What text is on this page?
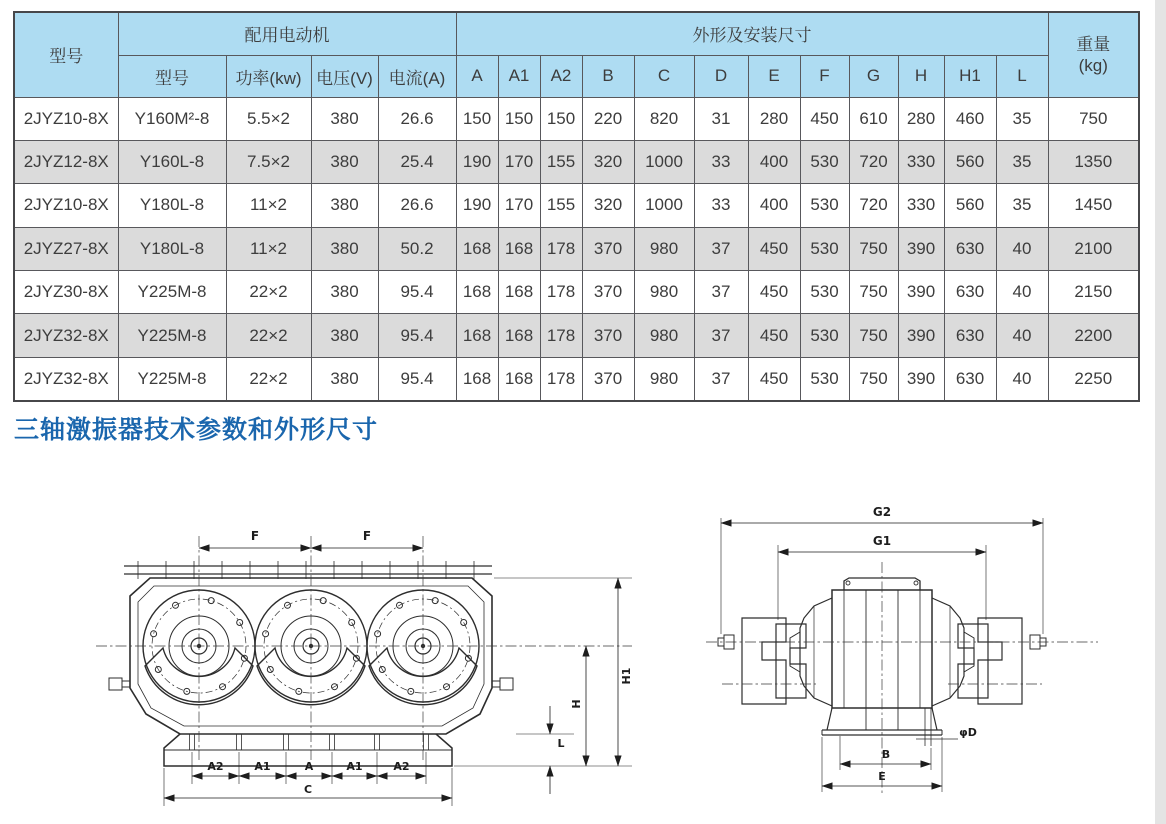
型号	配用电动机				外形及安装尺寸												重量
(kg)

	型号	功率(kw)	电压(V)	电流(A)	A	A1	A2	B	C	D	E	F	G	H	H1	L	
2JYZ10-8X	Y160M²-8	5.5×2	380	26.6	150	150	150	220	820	31	280	450	610	280	460	35	750
2JYZ12-8X	Y160L-8	7.5×2	380	25.4	190	170	155	320	1000	33	400	530	720	330	560	35	1350
2JYZ10-8X	Y180L-8	11×2	380	26.6	190	170	155	320	1000	33	400	530	720	330	560	35	1450
2JYZ27-8X	Y180L-8	11×2	380	50.2	168	168	178	370	980	37	450	530	750	390	630	40	2100
2JYZ30-8X	Y225M-8	22×2	380	95.4	168	168	178	370	980	37	450	530	750	390	630	40	2150
2JYZ32-8X	Y225M-8	22×2	380	95.4	168	168	178	370	980	37	450	530	750	390	630	40	2200
2JYZ32-8X	Y225M-8	22×2	380	95.4	168	168	178	370	980	37	450	530	750	390	630	40	2250
三轴激振器技术参数和外形尺寸
F	F
A2	A1	A	A1	A2
C
L
H
H1
G2
G1
B
E
φD
